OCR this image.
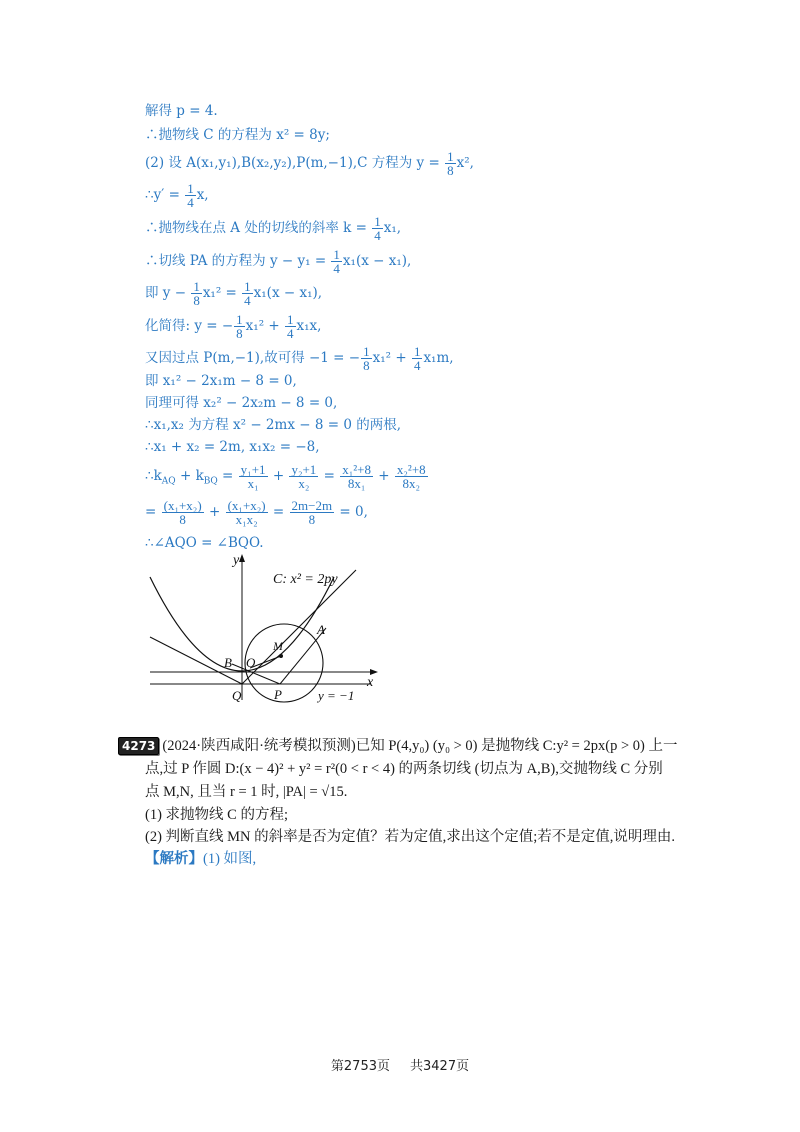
解得 p = 4.
∴抛物线 C 的方程为 x² = 8y;
(2) 设 A(x₁,y₁),B(x₂,y₂),P(m,−1),C 方程为 $y = \frac{1}{8} x^2$,
∴y′ = $\frac{1}{4} x$,
∴抛物线在点 A 处的切线的斜率 $k = \frac{1}{4} x_1$,
∴切线 PA 的方程为 $y - y_1 = \frac{1}{4} x_1(x - x_1)$,
即 $y - \frac{1}{8} x_1^2 = \frac{1}{4} x_1(x - x_1)$,
化简得: y = − $\frac{1}{8} x_1^2 + \frac{1}{4} x_1x$,
又因过点 P(m,−1),故可得 −1 = − $\frac{1}{8} x_1^2 + \frac{1}{4} x_1m$,
即 x₁² − 2x₁m − 8 = 0,
同理可得 x₂² − 2x₂m − 8 = 0,
∴x₁,x₂ 为方程 x² − 2mx − 8 = 0 的两根,
∴x₁ + x₂ = 2m, x₁x₂ = −8,
$\therefore k_{AQ} + k_{BQ} = \frac{\text{y₁+1}}{\text{x₁}} + \frac{\text{y₂+1}}{\text{x₂}} = \frac{\text{x₁²+8}}{\text{8x₁}} + \frac{\text{x₂²+8}}{\text{8x₂}}$
= $\frac{\text{(x₁+x₂)}}{8} + \frac{\text{(x₁+x₂)}}{\text{x₁x₂}} = \frac{2m-2m}{8} = 0$,
∴∠AQO = ∠BQO.
C: x² = 2py
y
x
y = −1
A
B
M
O
Q	P
4273 (2024·陕西咸阳·统考模拟预测)已知 P(4,y₀) (y₀ > 0) 是抛物线 C:y² = 2px(p > 0) 上一
点,过 P 作圆 D:(x − 4)² + y² = r²(0 < r < 4) 的两条切线 (切点为 A,B),交抛物线 C 分别
点 M,N, 且当 r = 1 时, |PA| = √15.
(1) 求抛物线 C 的方程;
(2) 判断直线 MN 的斜率是否为定值？若为定值,求出这个定值;若不是定值,说明理由.
【解析】(1) 如图,
第2753页 共3427页
